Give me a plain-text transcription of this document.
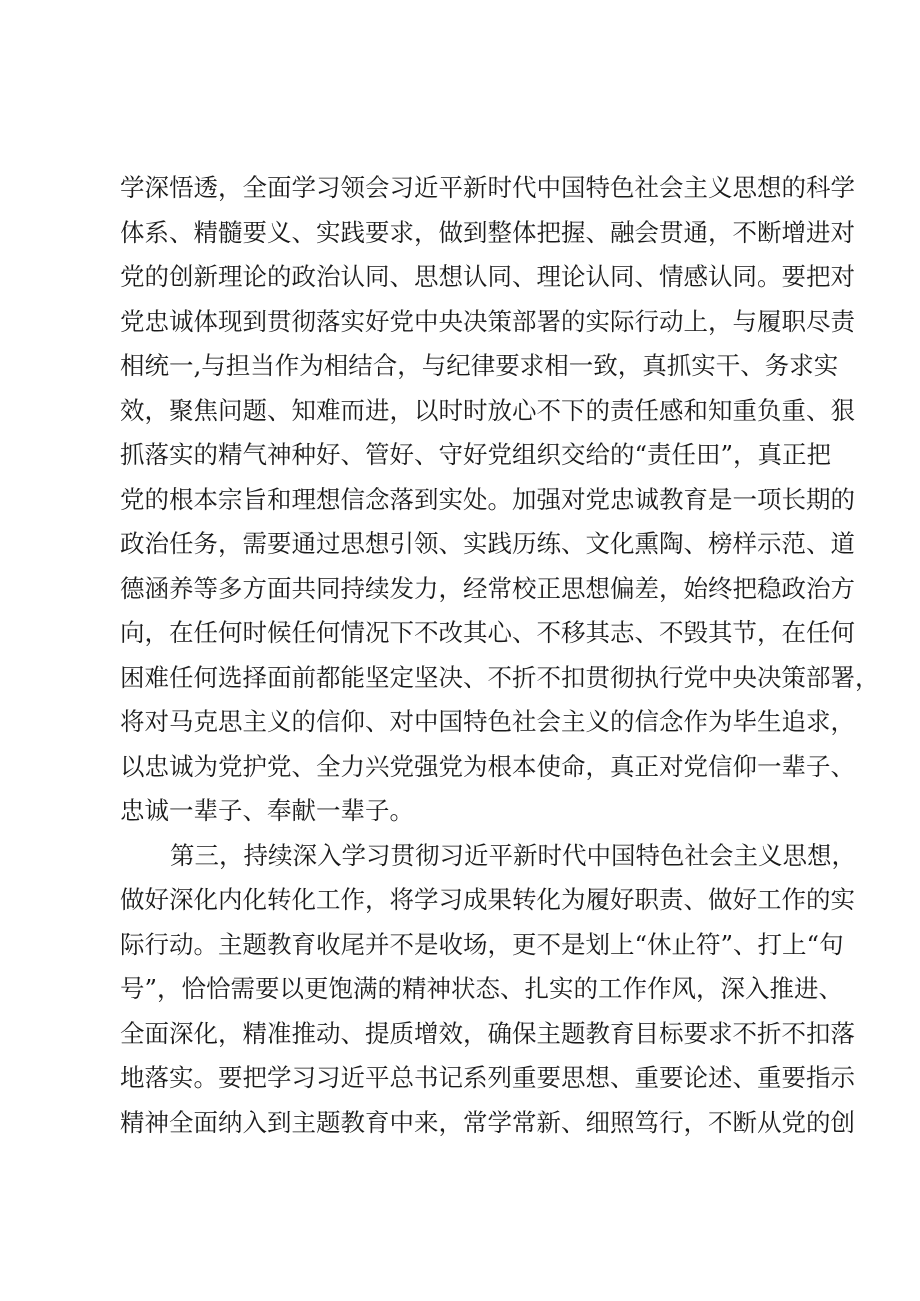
学深悟透，全面学习领会习近平新时代中国特色社会主义思想的科学
体系、精髓要义、实践要求，做到整体把握、融会贯通，不断增进对
党的创新理论的政治认同、思想认同、理论认同、情感认同。要把对
党忠诚体现到贯彻落实好党中央决策部署的实际行动上，与履职尽责
相统一,与担当作为相结合，与纪律要求相一致，真抓实干、务求实
效，聚焦问题、知难而进，以时时放心不下的责任感和知重负重、狠
抓落实的精气神种好、管好、守好党组织交给的“责任田”，真正把
党的根本宗旨和理想信念落到实处。加强对党忠诚教育是一项长期的
政治任务，需要通过思想引领、实践历练、文化熏陶、榜样示范、道
德涵养等多方面共同持续发力，经常校正思想偏差，始终把稳政治方
向，在任何时候任何情况下不改其心、不移其志、不毁其节，在任何
困难任何选择面前都能坚定坚决、不折不扣贯彻执行党中央决策部署，
将对马克思主义的信仰、对中国特色社会主义的信念作为毕生追求，
以忠诚为党护党、全力兴党强党为根本使命，真正对党信仰一辈子、
忠诚一辈子、奉献一辈子。
第三，持续深入学习贯彻习近平新时代中国特色社会主义思想，
做好深化内化转化工作，将学习成果转化为履好职责、做好工作的实
际行动。主题教育收尾并不是收场，更不是划上“休止符”、打上“句
号”，恰恰需要以更饱满的精神状态、扎实的工作作风，深入推进、
全面深化，精准推动、提质增效，确保主题教育目标要求不折不扣落
地落实。要把学习习近平总书记系列重要思想、重要论述、重要指示
精神全面纳入到主题教育中来，常学常新、细照笃行，不断从党的创
